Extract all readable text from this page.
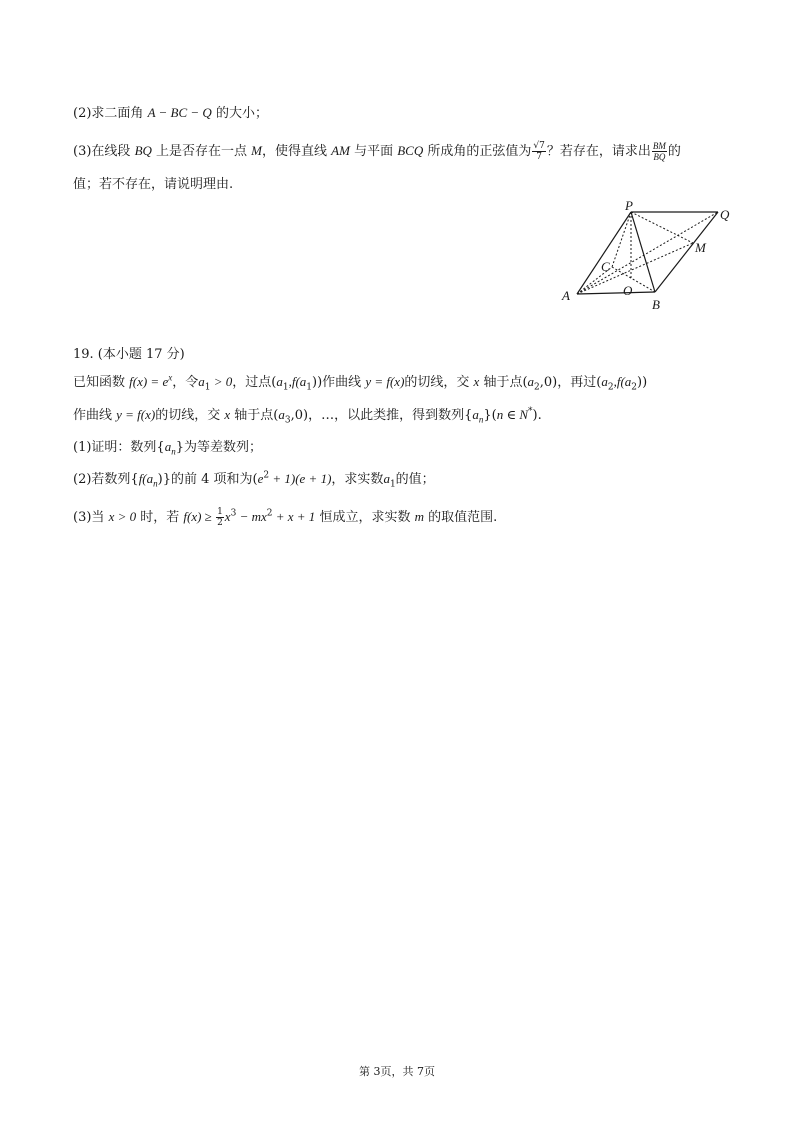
(2)求二面角 A − BC − Q 的大小；
(3)在线段 BQ 上是否存在一点 M，使得直线 AM 与平面 BCQ 所成角的正弦值为 $\frac{√7}{7}$ ？若存在，请求出 $\frac{BM}{BQ}$ 的
值；若不存在，请说明理由.
P
Q
M
C
O
A
B
19. (本小题 17 分)
已知函数 $f(x) = e^x$，令$a_1 > 0$，过点$(a_1,f(a_1))$作曲线 y = f(x)的切线，交 x 轴于点$(a_2,0)$，再过$(a_2,f(a_2))$
作曲线 y = f(x)的切线，交 x 轴于点$(a_3,0)$，…，以此类推，得到数列$\{a_n\}(n$ ∈ N*).
(1)证明：数列$\{a_n\}$为等差数列；
(2)若数列$\{f(a_n)\}$的前 4 项和为$(e^2 + 1)(e + 1)$，求实数$a_1$的值；
(3)当 x > 0 时，若 $f(x) \ge \frac{1}{2} x^3 - mx^2 + x + 1$ 恒成立，求实数 m 的取值范围.
第 3页，共 7页
